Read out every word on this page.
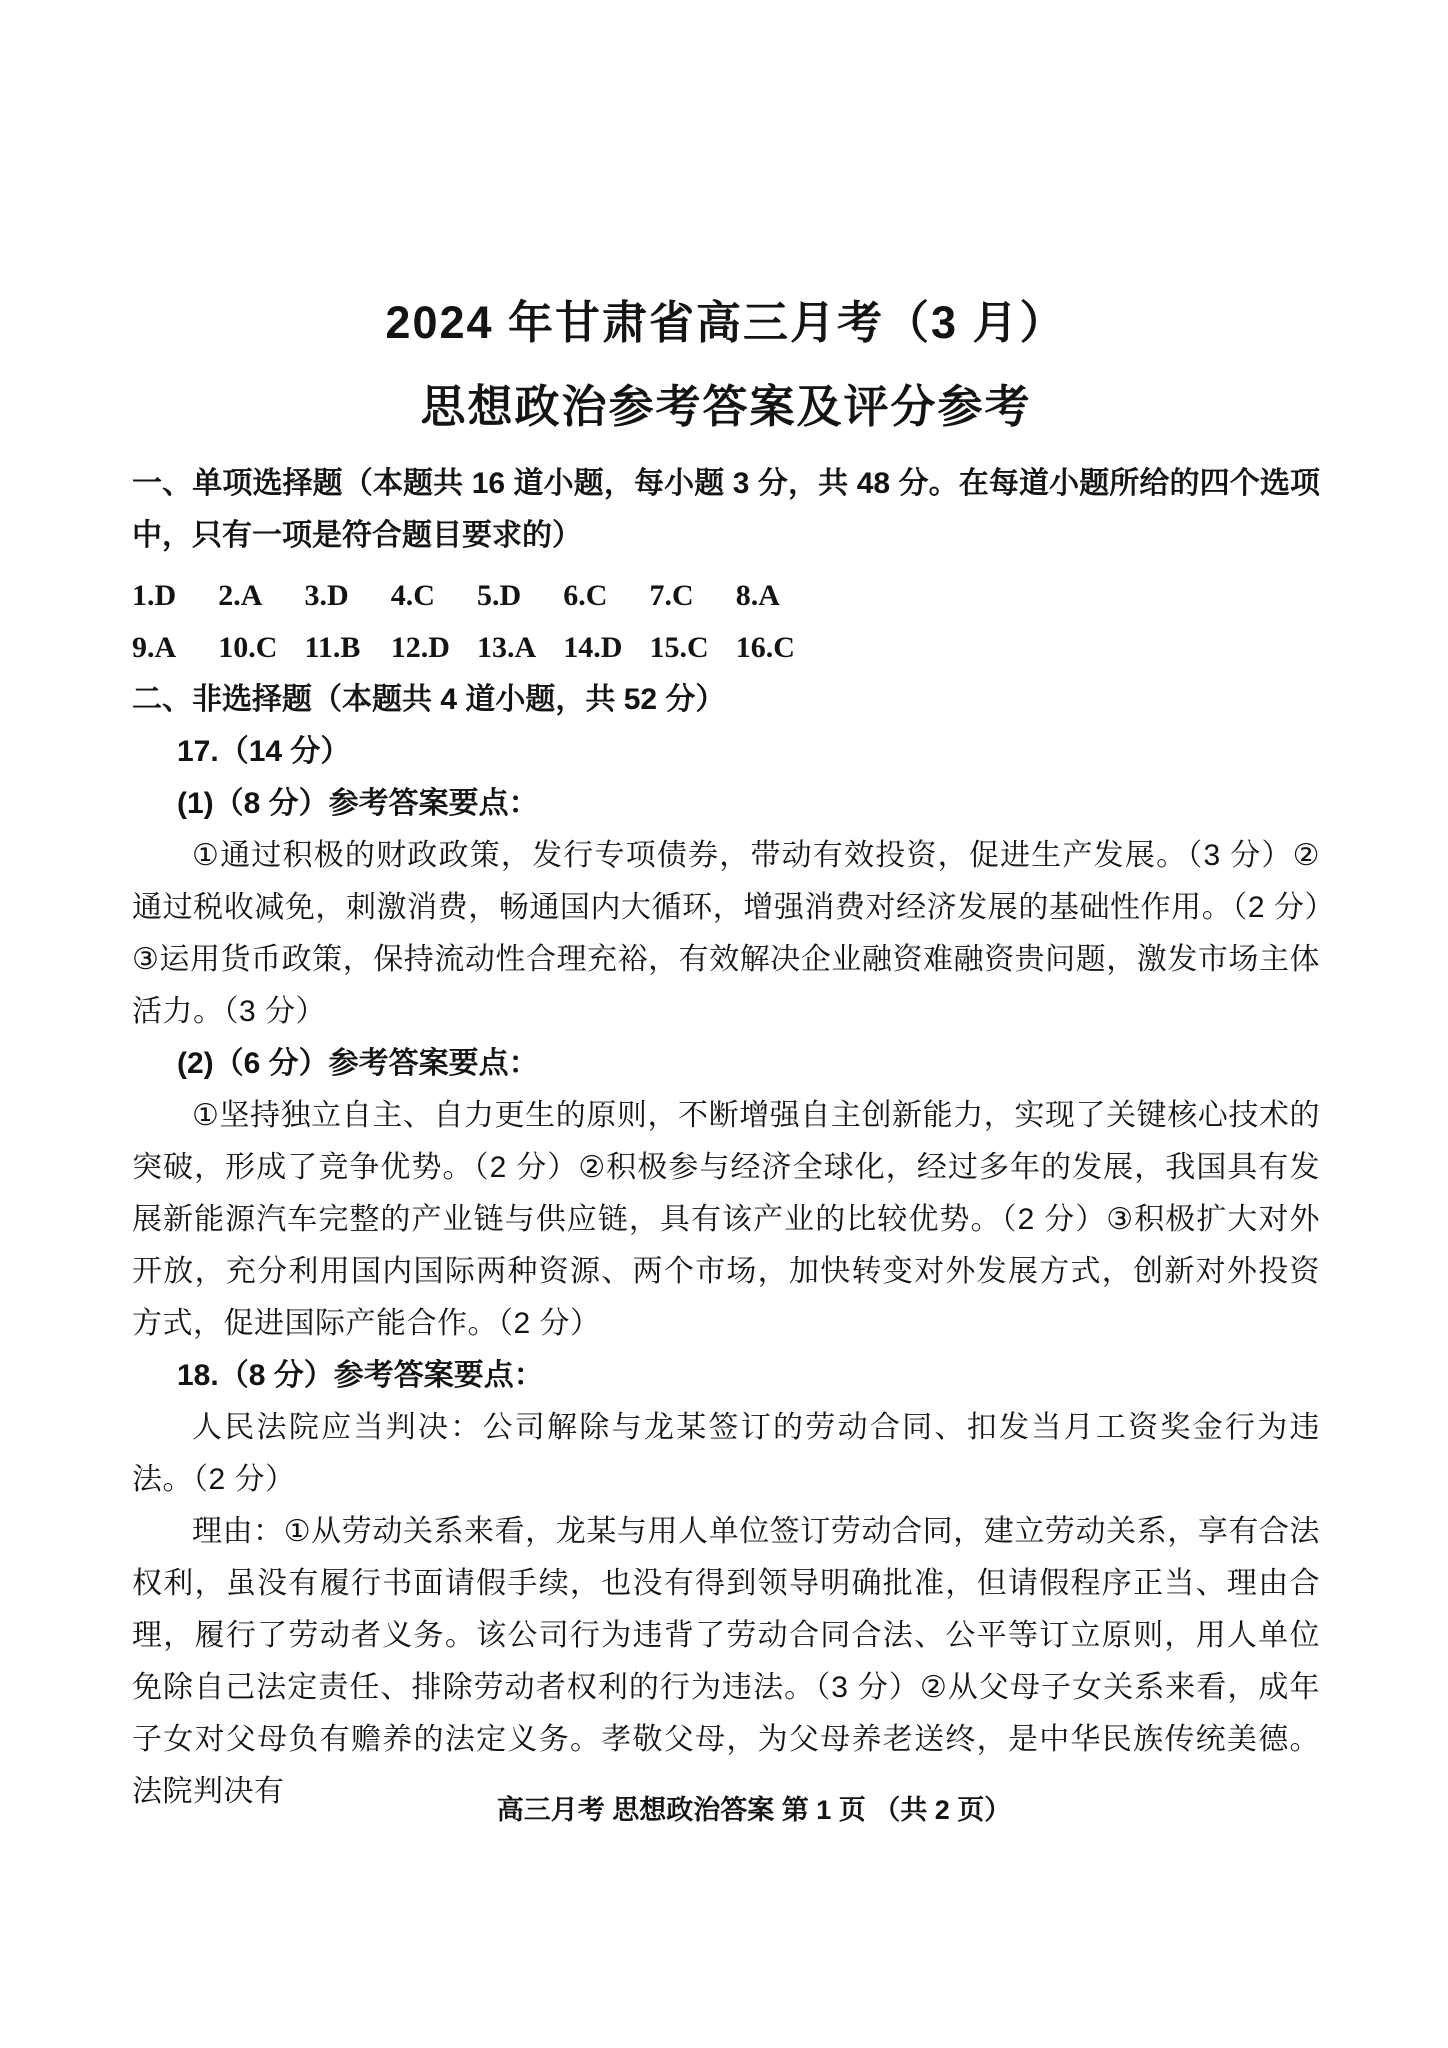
2024 年甘肃省高三月考（3 月）
思想政治参考答案及评分参考
一、单项选择题（本题共 16 道小题，每小题 3 分，共 48 分。在每道小题所给的四个选项中，只有一项是符合题目要求的）
1.D	2.A	3.D	4.C	5.D	6.C	7.C	8.A
9.A	10.C 11.B	12.D 13.A 14.D 15.C 16.C
二、非选择题（本题共 4 道小题，共 52 分）
17.（14 分）
(1)（8 分）参考答案要点：

①通过积极的财政政策，发行专项债券，带动有效投资，促进生产发展。（3 分）②通过税收减免，刺激消费，畅通国内大循环，增强消费对经济发展的基础性作用。（2 分）③运用货币政策，保持流动性合理充裕，有效解决企业融资难融资贵问题，激发市场主体活力。（3 分）

(2)（6 分）参考答案要点：

①坚持独立自主、自力更生的原则，不断增强自主创新能力，实现了关键核心技术的突破，形成了竞争优势。（2 分）②积极参与经济全球化，经过多年的发展，我国具有发展新能源汽车完整的产业链与供应链，具有该产业的比较优势。（2 分）③积极扩大对外开放，充分利用国内国际两种资源、两个市场，加快转变对外发展方式，创新对外投资方式，促进国际产能合作。（2 分）

18.（8 分）参考答案要点：

人民法院应当判决：公司解除与龙某签订的劳动合同、扣发当月工资奖金行为违法。（2 分）

理由：①从劳动关系来看，龙某与用人单位签订劳动合同，建立劳动关系，享有合法权利，虽没有履行书面请假手续，也没有得到领导明确批准，但请假程序正当、理由合理，履行了劳动者义务。该公司行为违背了劳动合同合法、公平等订立原则，用人单位免除自己法定责任、排除劳动者权利的行为违法。（3 分）②从父母子女关系来看，成年子女对父母负有赡养的法定义务。孝敬父母，为父母养老送终，是中华民族传统美德。法院判决有

高三月考 思想政治答案 第 1 页 （共 2 页）
